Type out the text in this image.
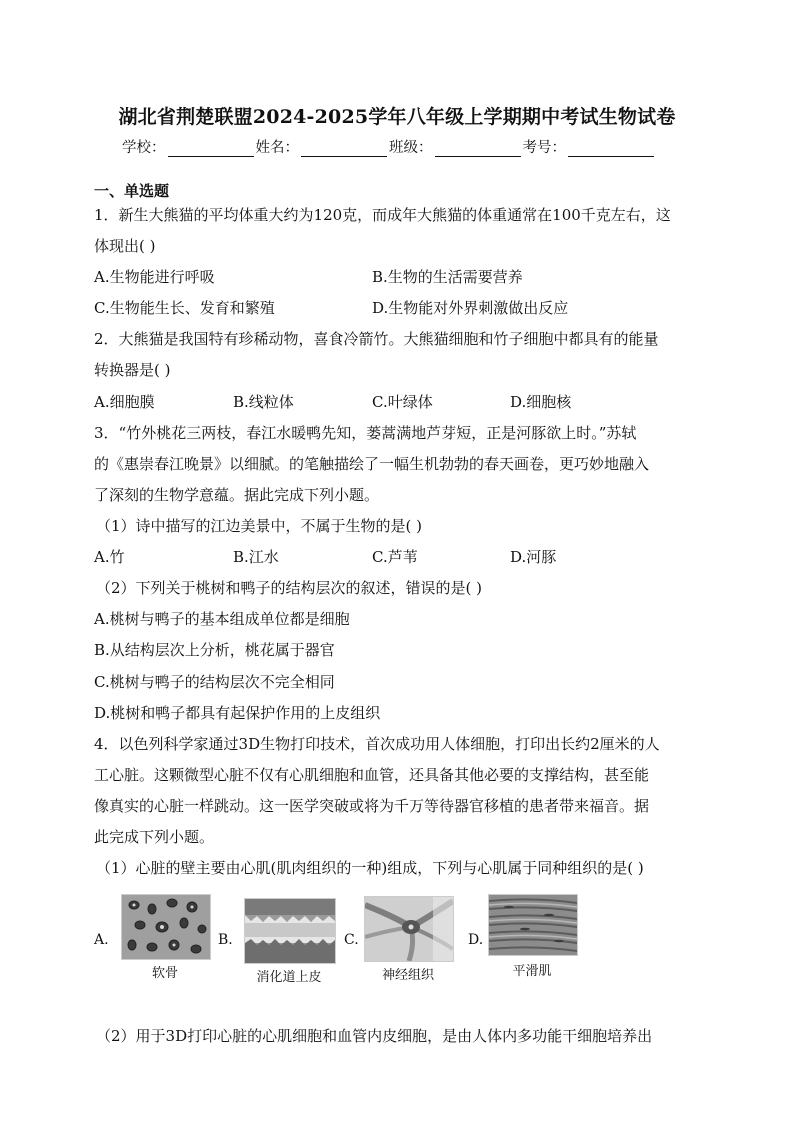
湖北省荆楚联盟2024-2025学年八年级上学期期中考试生物试卷
学校：	姓名：	班级：	考号：
一、单选题
1．新生大熊猫的平均体重大约为120克，而成年大熊猫的体重通常在100千克左右，这
体现出( )
A.生物能进行呼吸	B.生物的生活需要营养
C.生物能生长、发育和繁殖	D.生物能对外界刺激做出反应
2．大熊猫是我国特有珍稀动物，喜食冷箭竹。大熊猫细胞和竹子细胞中都具有的能量
转换器是( )
A.细胞膜	B.线粒体	C.叶绿体	D.细胞核
3．“竹外桃花三两枝，春江水暖鸭先知，蒌蒿满地芦芽短，正是河豚欲上时。”苏轼
的《惠崇春江晚景》以细腻。的笔触描绘了一幅生机勃勃的春天画卷，更巧妙地融入
了深刻的生物学意蕴。据此完成下列小题。
（1）诗中描写的江边美景中，不属于生物的是( )
A.竹	B.江水	C.芦苇	D.河豚
（2）下列关于桃树和鸭子的结构层次的叙述，错误的是( )
A.桃树与鸭子的基本组成单位都是细胞
B.从结构层次上分析，桃花属于器官
C.桃树与鸭子的结构层次不完全相同
D.桃树和鸭子都具有起保护作用的上皮组织
4．以色列科学家通过3D生物打印技术，首次成功用人体细胞，打印出长约2厘米的人
工心脏。这颗微型心脏不仅有心肌细胞和血管，还具备其他必要的支撑结构，甚至能
像真实的心脏一样跳动。这一医学突破或将为千万等待器官移植的患者带来福音。据
此完成下列小题。
（1）心脏的壁主要由心肌(肌肉组织的一种)组成，下列与心肌属于同种组织的是( )
A.
软骨
B.
消化道上皮
C.
神经组织
D.
平滑肌
（2）用于3D打印心脏的心肌细胞和血管内皮细胞，是由人体内多功能干细胞培养出
